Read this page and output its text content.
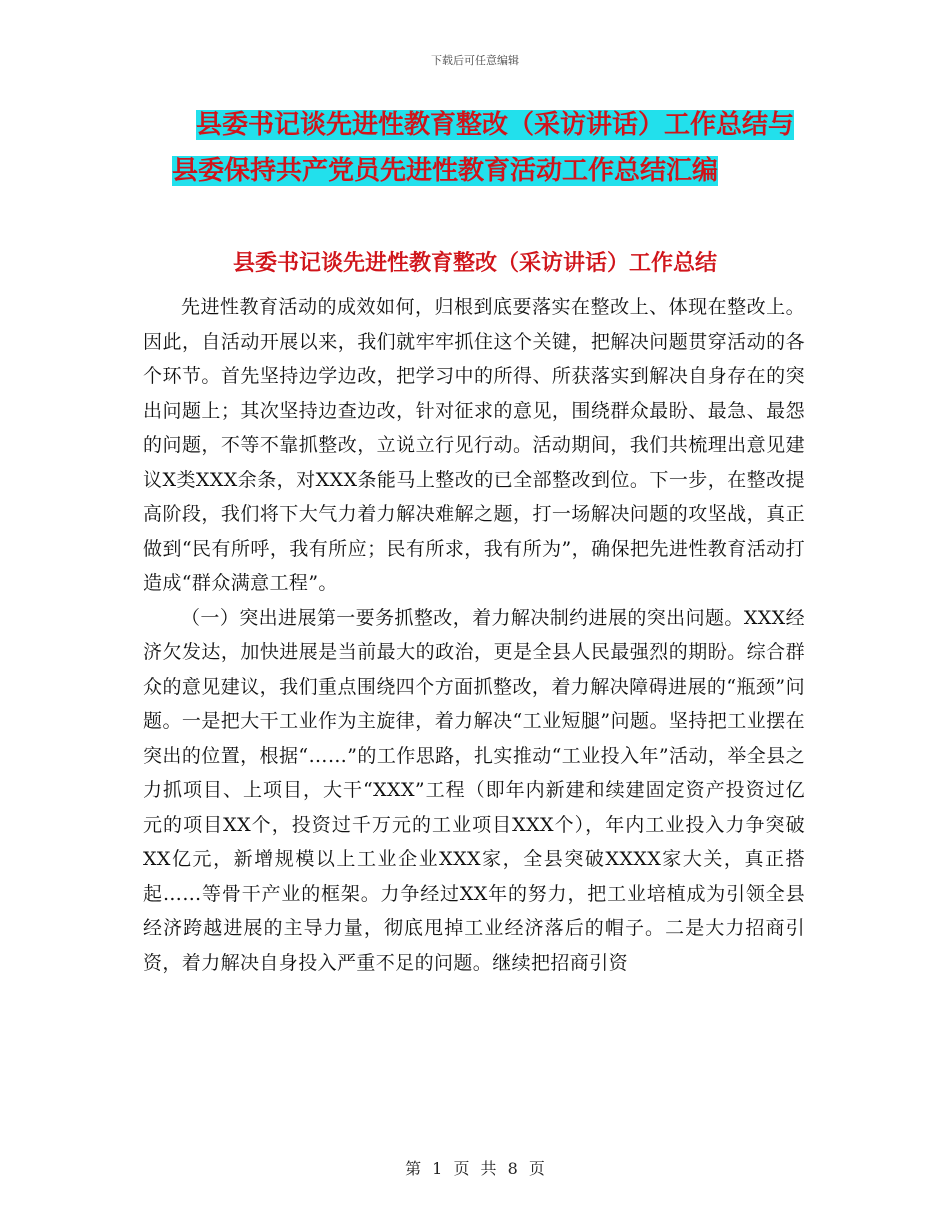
下载后可任意编辑
县委书记谈先进性教育整改（采访讲话）工作总结与
县委保持共产党员先进性教育活动工作总结汇编
县委书记谈先进性教育整改（采访讲话）工作总结

先进性教育活动的成效如何，归根到底要落实在整改上、体现在整改上。因此，自活动开展以来，我们就牢牢抓住这个关键，把解决问题贯穿活动的各个环节。首先坚持边学边改，把学习中的所得、所获落实到解决自身存在的突出问题上；其次坚持边查边改，针对征求的意见，围绕群众最盼、最急、最怨的问题，不等不靠抓整改，立说立行见行动。活动期间，我们共梳理出意见建议X类XXX余条，对XXX条能马上整改的已全部整改到位。下一步，在整改提高阶段，我们将下大气力着力解决难解之题，打一场解决问题的攻坚战，真正做到“民有所呼，我有所应；民有所求，我有所为”，确保把先进性教育活动打造成“群众满意工程”。

（一）突出进展第一要务抓整改，着力解决制约进展的突出问题。XXX经济欠发达，加快进展是当前最大的政治，更是全县人民最强烈的期盼。综合群众的意见建议，我们重点围绕四个方面抓整改，着力解决障碍进展的“瓶颈”问题。一是把大干工业作为主旋律，着力解决“工业短腿”问题。坚持把工业摆在突出的位置，根据“……”的工作思路，扎实推动“工业投入年”活动，举全县之力抓项目、上项目，大干“XXX”工程（即年内新建和续建固定资产投资过亿元的项目XX个，投资过千万元的工业项目XXX个），年内工业投入力争突破XX亿元，新增规模以上工业企业XXX家，全县突破XXXX家大关，真正搭起……等骨干产业的框架。力争经过XX年的努力，把工业培植成为引领全县经济跨越进展的主导力量，彻底甩掉工业经济落后的帽子。二是大力招商引资，着力解决自身投入严重不足的问题。继续把招商引资

第 1 页 共 8 页
